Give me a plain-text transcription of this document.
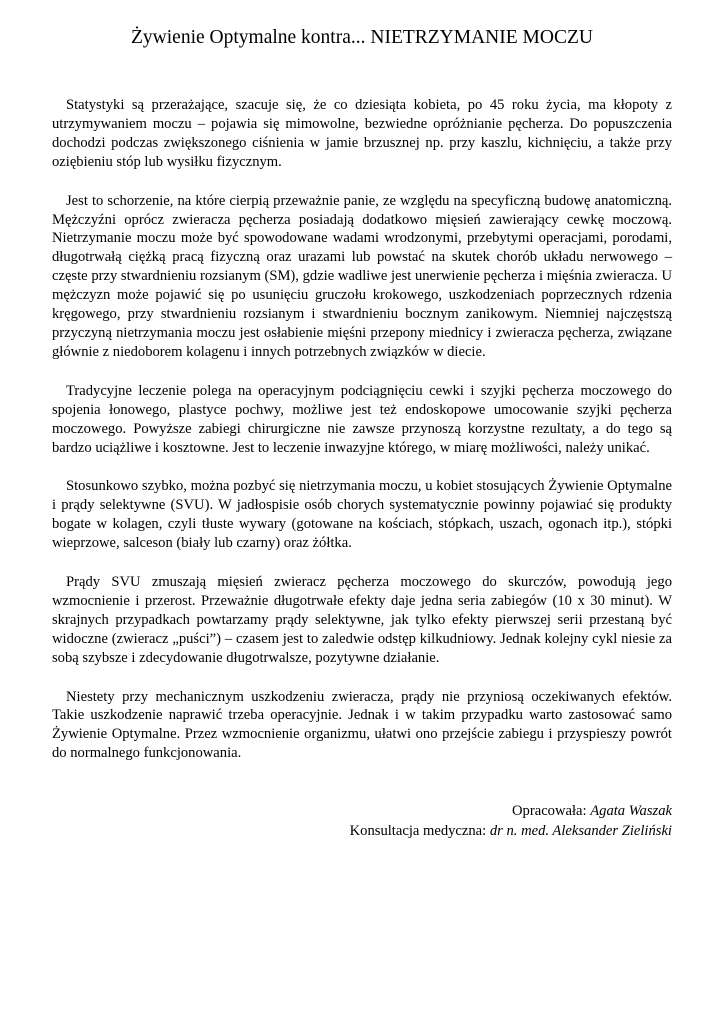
Żywienie Optymalne kontra... NIETRZYMANIE MOCZU

Statystyki są przerażające, szacuje się, że co dziesiąta kobieta, po 45 roku życia, ma kłopoty z utrzymywaniem moczu – pojawia się mimowolne, bezwiedne opróżnianie pęcherza. Do popuszczenia dochodzi podczas zwiększonego ciśnienia w jamie brzusznej np. przy kaszlu, kichnięciu, a także przy oziębieniu stóp lub wysiłku fizycznym.

Jest to schorzenie, na które cierpią przeważnie panie, ze względu na specyficzną budowę anatomiczną. Mężczyźni oprócz zwieracza pęcherza posiadają dodatkowo mięsień zawierający cewkę moczową. Nietrzymanie moczu może być spowodowane wadami wrodzonymi, przebytymi operacjami, porodami, długotrwałą ciężką pracą fizyczną oraz urazami lub powstać na skutek chorób układu nerwowego – częste przy stwardnieniu rozsianym (SM), gdzie wadliwe jest unerwienie pęcherza i mięśnia zwieracza. U mężczyzn może pojawić się po usunięciu gruczołu krokowego, uszkodzeniach poprzecznych rdzenia kręgowego, przy stwardnieniu rozsianym i stwardnieniu bocznym zanikowym. Niemniej najczęstszą przyczyną nietrzymania moczu jest osłabienie mięśni przepony miednicy i zwieracza pęcherza, związane głównie z niedoborem kolagenu i innych potrzebnych związków w diecie.

Tradycyjne leczenie polega na operacyjnym podciągnięciu cewki i szyjki pęcherza moczowego do spojenia łonowego, plastyce pochwy, możliwe jest też endoskopowe umocowanie szyjki pęcherza moczowego. Powyższe zabiegi chirurgiczne nie zawsze przynoszą korzystne rezultaty, a do tego są bardzo uciążliwe i kosztowne. Jest to leczenie inwazyjne którego, w miarę możliwości, należy unikać.

Stosunkowo szybko, można pozbyć się nietrzymania moczu, u kobiet stosujących Żywienie Optymalne i prądy selektywne (SVU). W jadłospisie osób chorych systematycznie powinny pojawiać się produkty bogate w kolagen, czyli tłuste wywary (gotowane na kościach, stópkach, uszach, ogonach itp.), stópki wieprzowe, salceson (biały lub czarny) oraz żółtka.

Prądy SVU zmuszają mięsień zwieracz pęcherza moczowego do skurczów, powodują jego wzmocnienie i przerost. Przeważnie długotrwałe efekty daje jedna seria zabiegów (10 x 30 minut). W skrajnych przypadkach powtarzamy prądy selektywne, jak tylko efekty pierwszej serii przestaną być widoczne (zwieracz „puści”) – czasem jest to zaledwie odstęp kilkudniowy. Jednak kolejny cykl niesie za sobą szybsze i zdecydowanie długotrwalsze, pozytywne działanie.

Niestety przy mechanicznym uszkodzeniu zwieracza, prądy nie przyniosą oczekiwanych efektów. Takie uszkodzenie naprawić trzeba operacyjnie. Jednak i w takim przypadku warto zastosować samo Żywienie Optymalne. Przez wzmocnienie organizmu, ułatwi ono przejście zabiegu i przyspieszy powrót do normalnego funkcjonowania.

Opracowała: Agata Waszak
Konsultacja medyczna: dr n. med. Aleksander Zieliński
